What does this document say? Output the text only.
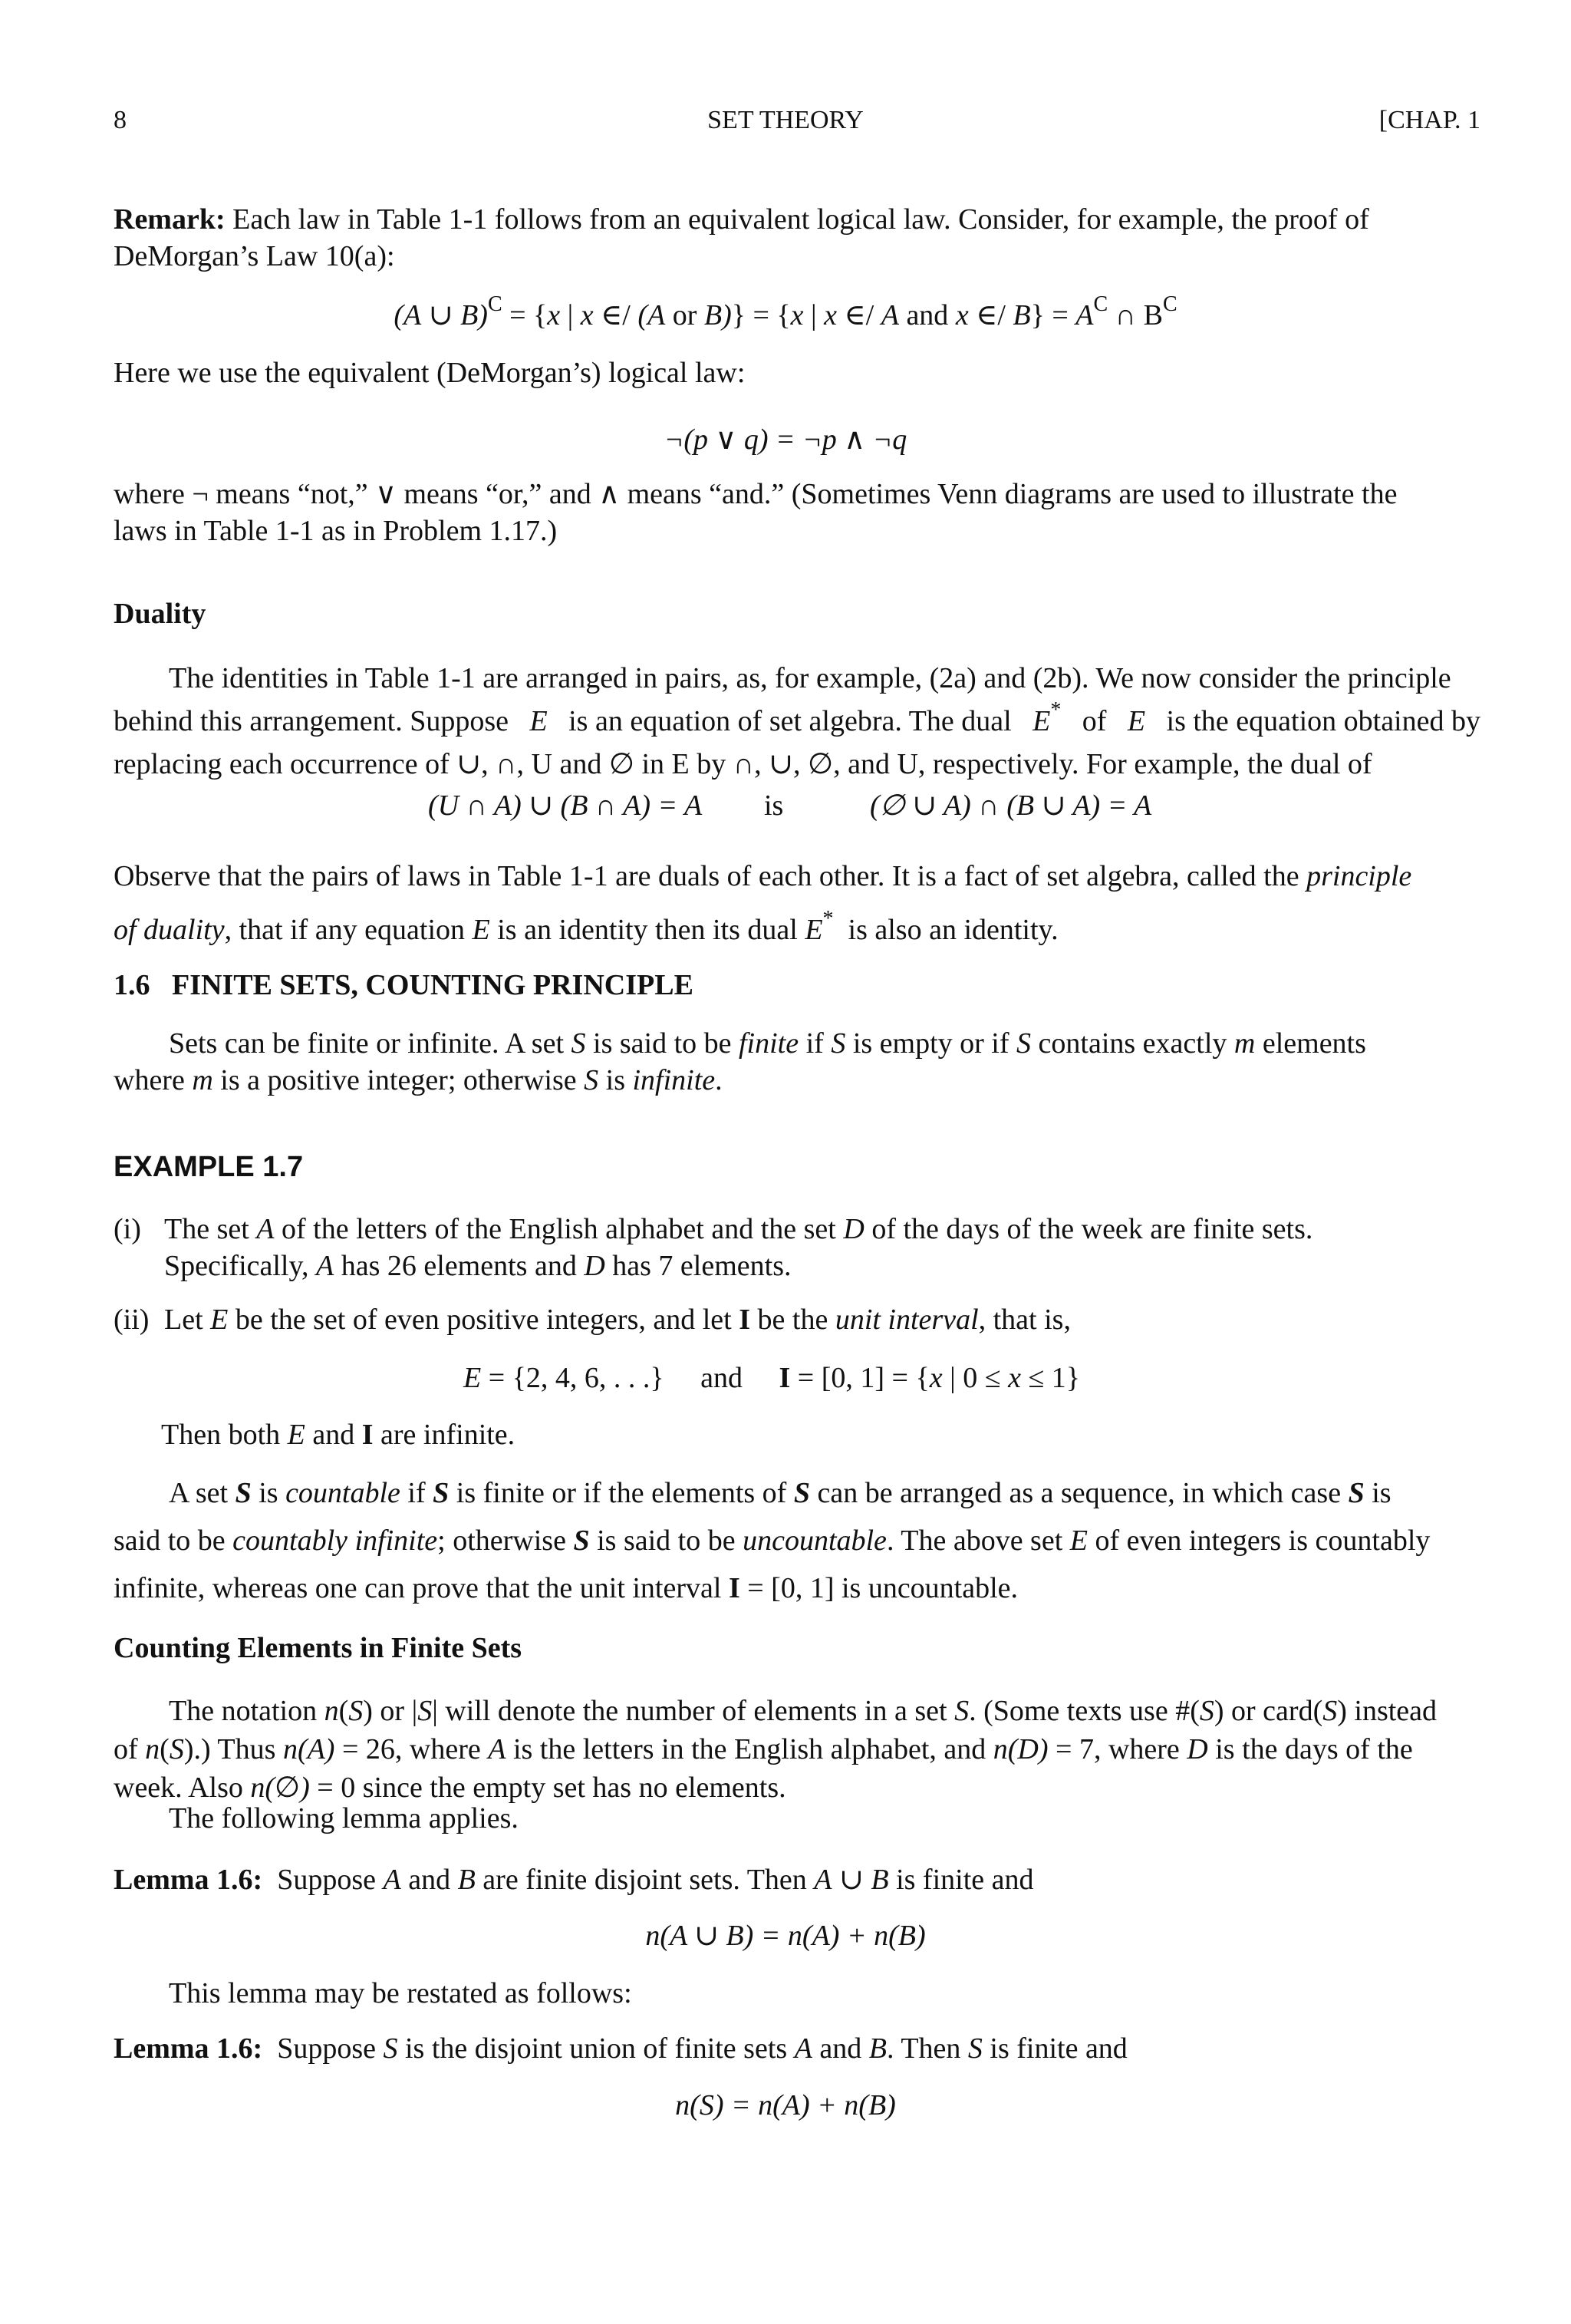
8	SET THEORY	[CHAP. 1
Remark: Each law in Table 1-1 follows from an equivalent logical law. Consider, for example, the proof of
DeMorgan’s Law 10(a):
(A ∪ B)$^C$ = {x | x ∈/ (A or B)} = {x | x ∈/ A and x ∈/ $B\} = A^C$ ∩ $B^C$
Here we use the equivalent (DeMorgan’s) logical law:
¬(p ∨ q) = ¬p ∧ ¬q
where ¬ means “not,” ∨ means “or,” and ∧ means “and.” (Sometimes Venn diagrams are used to illustrate the
laws in Table 1-1 as in Problem 1.17.)
Duality
The identities in Table 1-1 are arranged in pairs, as, for example, (2a) and (2b). We now consider the principle
behind this arrangement. Suppose E is an equation of set algebra. The dual E* of E is the equation obtained by
replacing each occurrence of ∪, ∩, U and ∅ in E by ∩, ∪, ∅, and U, respectively. For example, the dual of
(U ∩ A) ∪ (B ∩ A) = A is	(∅ ∪ A) ∩ (B ∪ A) = A
Observe that the pairs of laws in Table 1-1 are duals of each other. It is a fact of set algebra, called the principle
of duality, that if any equation E is an identity then its dual E* is also an identity.
1.6   FINITE SETS, COUNTING PRINCIPLE
Sets can be finite or infinite. A set S is said to be finite if S is empty or if S contains exactly m elements
where m is a positive integer; otherwise S is infinite.
EXAMPLE 1.7
(i) The set A of the letters of the English alphabet and the set D of the days of the week are finite sets.
Specifically, A has 26 elements and D has 7 elements.
(ii) Let E be the set of even positive integers, and let I be the unit interval, that is,
E = {2, 4, 6, . . .}     and     I = [0, 1] = {x | 0 ≤ x ≤ 1}
Then both E and I are infinite.
A set S is countable if S is finite or if the elements of S can be arranged as a sequence, in which case S is
said to be countably infinite; otherwise S is said to be uncountable. The above set E of even integers is countably
infinite, whereas one can prove that the unit interval I = [0, 1] is uncountable.
Counting Elements in Finite Sets
The notation n(S) or |S| will denote the number of elements in a set S. (Some texts use #(S) or card(S) instead
of n(S).) Thus n(A) = 26, where A is the letters in the English alphabet, and n(D) = 7, where D is the days of the
week. Also n(∅) = 0 since the empty set has no elements.
The following lemma applies.
Lemma 1.6:  Suppose A and B are finite disjoint sets. Then A ∪ B is finite and
n(A ∪ B) = n(A) + n(B)
This lemma may be restated as follows:
Lemma 1.6:  Suppose S is the disjoint union of finite sets A and B. Then S is finite and
n(S) = n(A) + n(B)
